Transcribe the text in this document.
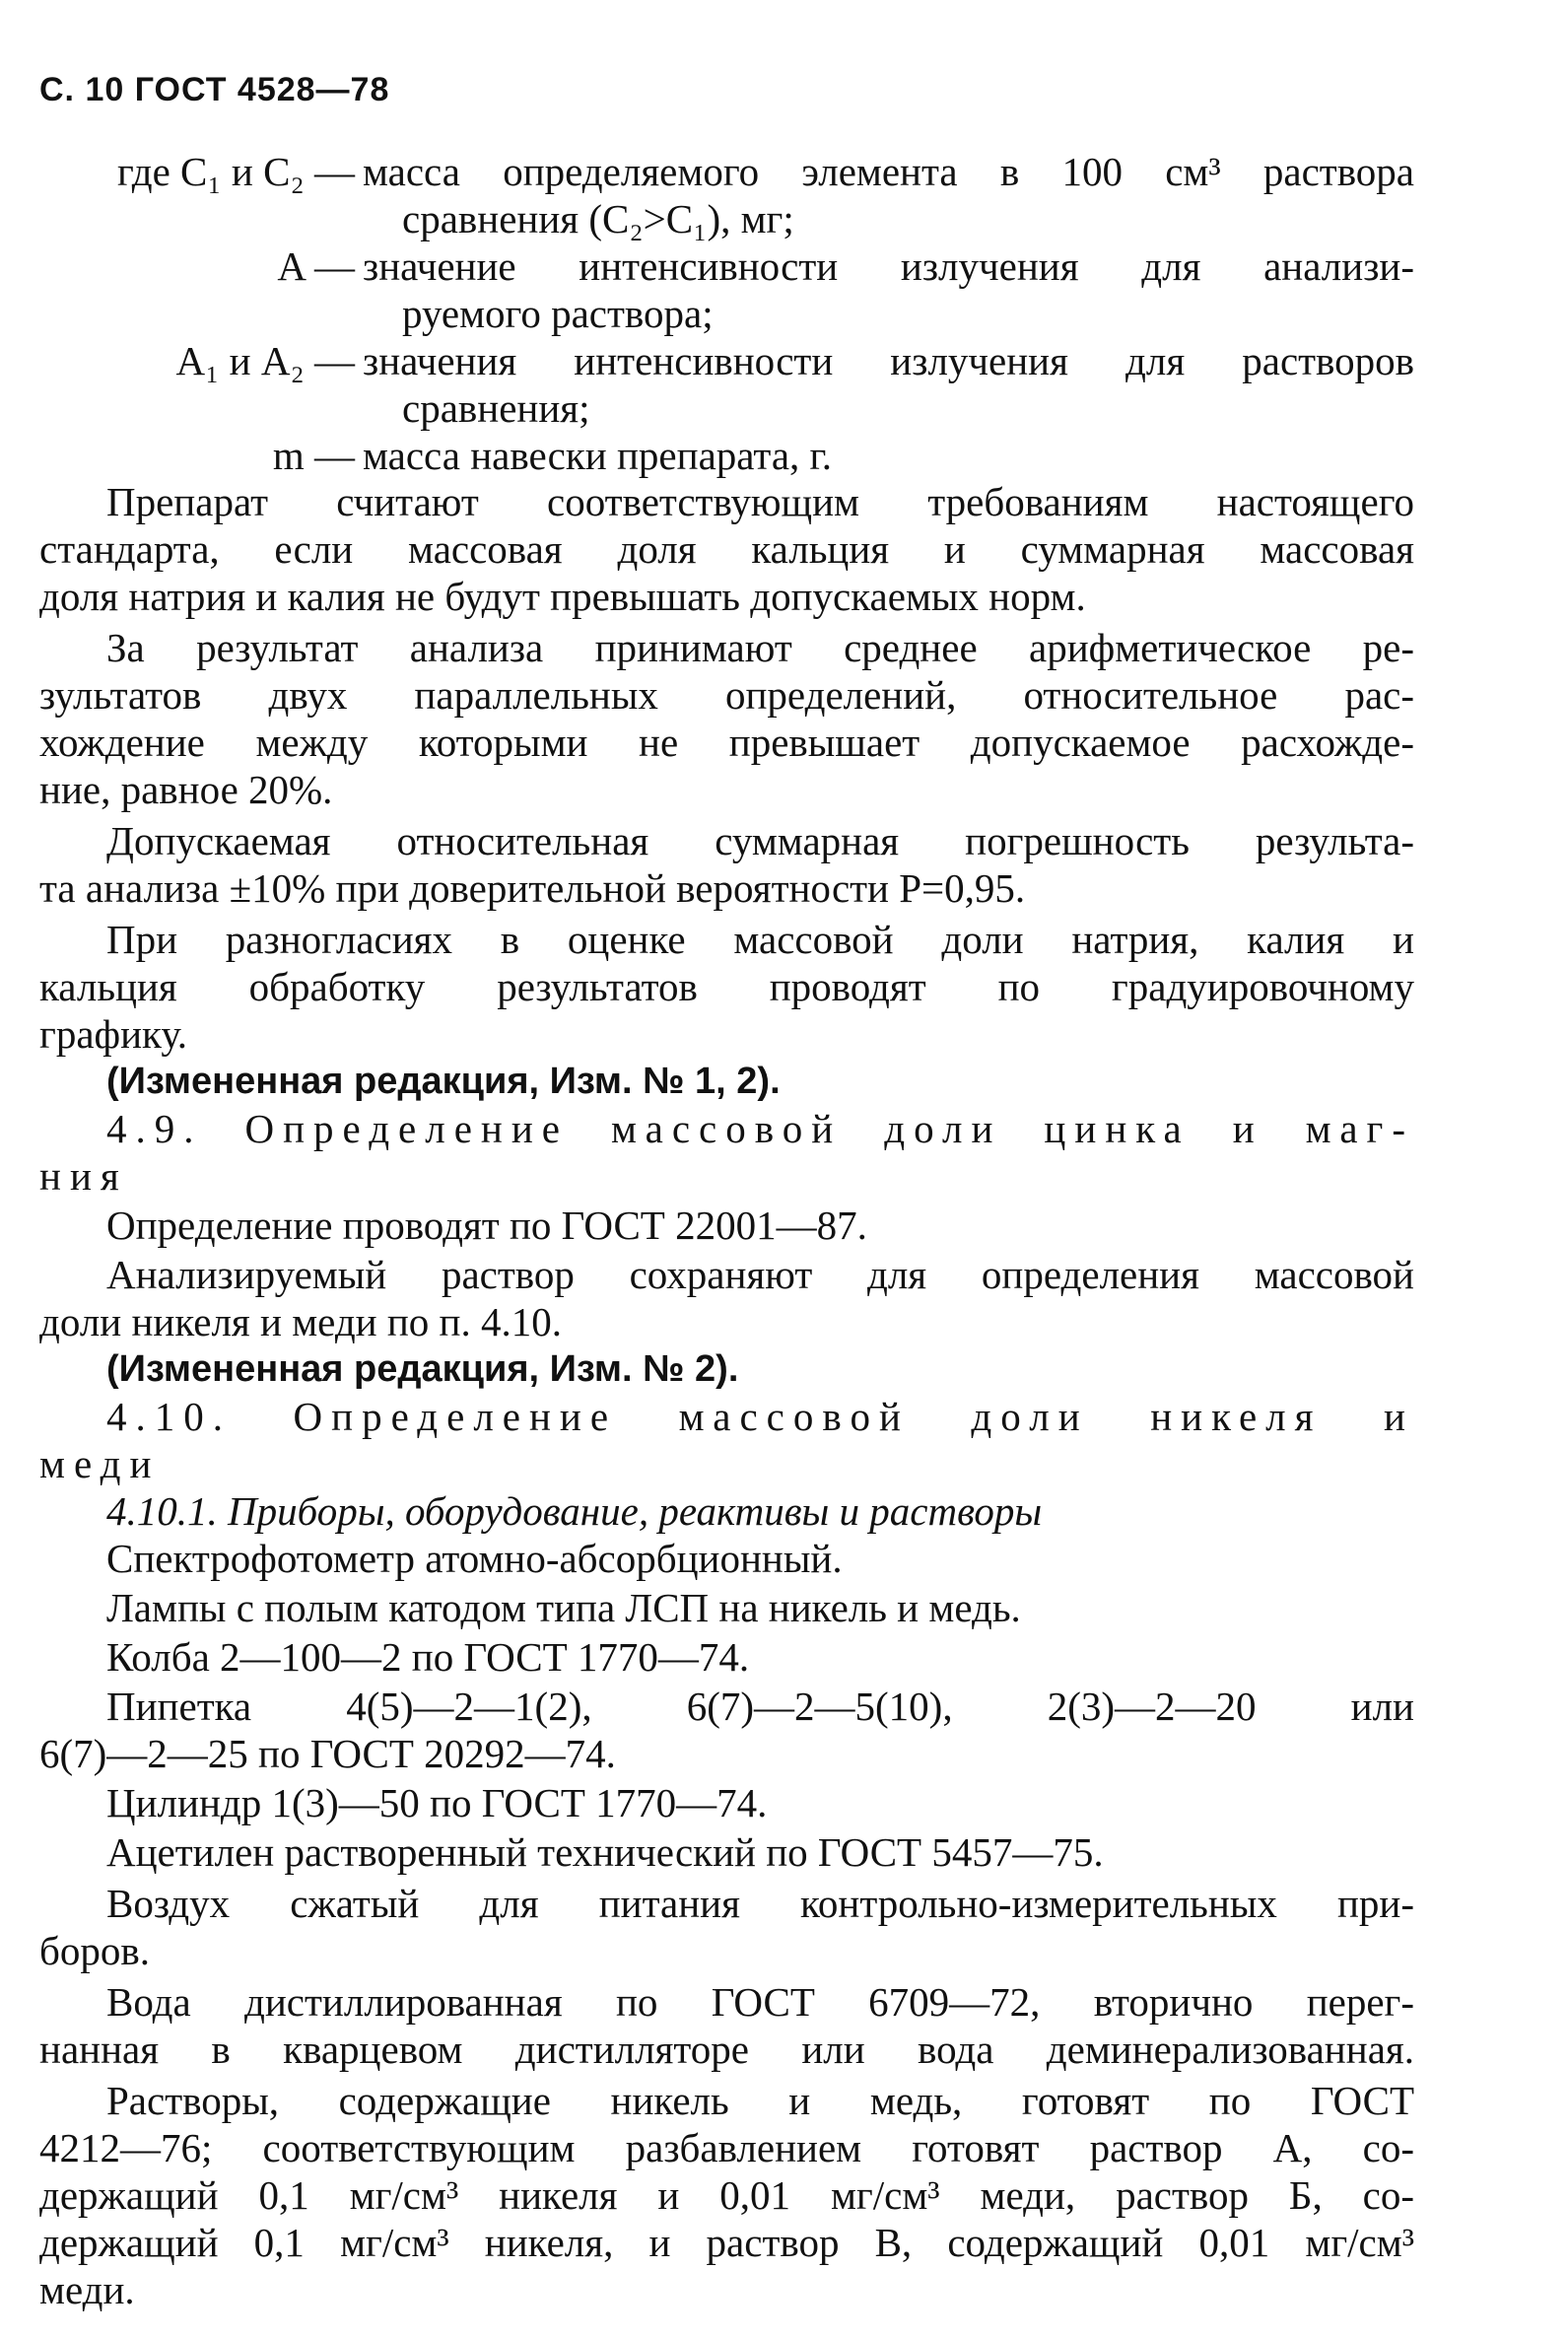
С. 10 ГОСТ 4528—78
где C₁ и C₂ — масса определяемого элемента в 100 см³ раствора
сравнения (C₂>C₁), мг;
A — значение интенсивности излучения для анализи-
руемого раствора;
A₁ и A₂ — значения интенсивности излучения для растворов
сравнения;
m — масса навески препарата, г.
Препарат считают соответствующим требованиям настоящего
стандарта, если массовая доля кальция и суммарная массовая
доля натрия и калия не будут превышать допускаемых норм.
За результат анализа принимают среднее арифметическое ре-
зультатов двух параллельных определений, относительное рас-
хождение между которыми не превышает допускаемое расхожде-
ние, равное 20%.
Допускаемая относительная суммарная погрешность результа-
та анализа ±10% при доверительной вероятности P=0,95.
При разногласиях в оценке массовой доли натрия, калия и
кальция обработку результатов проводят по градуировочному
графику.
(Измененная редакция, Изм. № 1, 2).
4.9. Определение массовой доли цинка и маг-
ния
Определение проводят по ГОСТ 22001—87.
Анализируемый раствор сохраняют для определения массовой
доли никеля и меди по п. 4.10.
(Измененная редакция, Изм. № 2).
4.10. Определение массовой доли никеля и
меди
4.10.1. Приборы, оборудование, реактивы и растворы
Спектрофотометр атомно-абсорбционный.
Лампы с полым катодом типа ЛСП на никель и медь.
Колба 2—100—2 по ГОСТ 1770—74.
Пипетка 4(5)—2—1(2), 6(7)—2—5(10), 2(3)—2—20 или
6(7)—2—25 по ГОСТ 20292—74.
Цилиндр 1(3)—50 по ГОСТ 1770—74.
Ацетилен растворенный технический по ГОСТ 5457—75.
Воздух сжатый для питания контрольно-измерительных при-
боров.
Вода дистиллированная по ГОСТ 6709—72, вторично перег-
нанная в кварцевом дистилляторе или вода деминерализованная.
Растворы, содержащие никель и медь, готовят по ГОСТ
4212—76; соответствующим разбавлением готовят раствор А, со-
держащий 0,1 мг/см³ никеля и 0,01 мг/см³ меди, раствор Б, со-
держащий 0,1 мг/см³ никеля, и раствор В, содержащий 0,01 мг/см³
меди.
